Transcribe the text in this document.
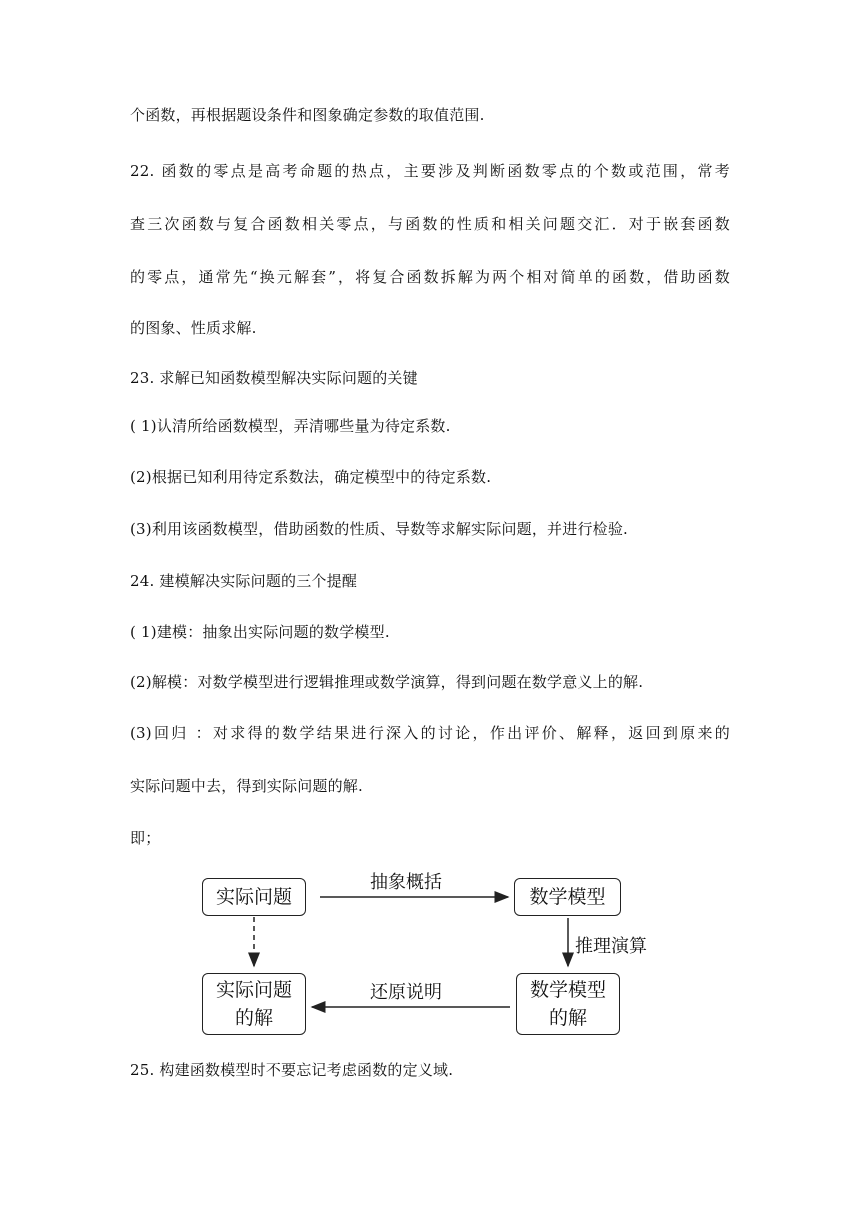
个函数，再根据题设条件和图象确定参数的取值范围.
22. 函数的零点是高考命题的热点，主要涉及判断函数零点的个数或范围，常考
查三次函数与复合函数相关零点，与函数的性质和相关问题交汇．对于嵌套函数
的零点，通常先“换元解套”，将复合函数拆解为两个相对简单的函数，借助函数
的图象、性质求解.
23. 求解已知函数模型解决实际问题的关键
( 1)认清所给函数模型，弄清哪些量为待定系数.
(2)根据已知利用待定系数法，确定模型中的待定系数.
(3)利用该函数模型，借助函数的性质、导数等求解实际问题，并进行检验.
24. 建模解决实际问题的三个提醒
( 1)建模：抽象出实际问题的数学模型.
(2)解模：对数学模型进行逻辑推理或数学演算，得到问题在数学意义上的解.
(3)回归 ：对求得的数学结果进行深入的讨论，作出评价、解释，返回到原来的
实际问题中去，得到实际问题的解.
即；
实际问题	数学模型
实际问题
的解
数学模型
的解
抽象概括
推理演算
还原说明
25. 构建函数模型时不要忘记考虑函数的定义域.
